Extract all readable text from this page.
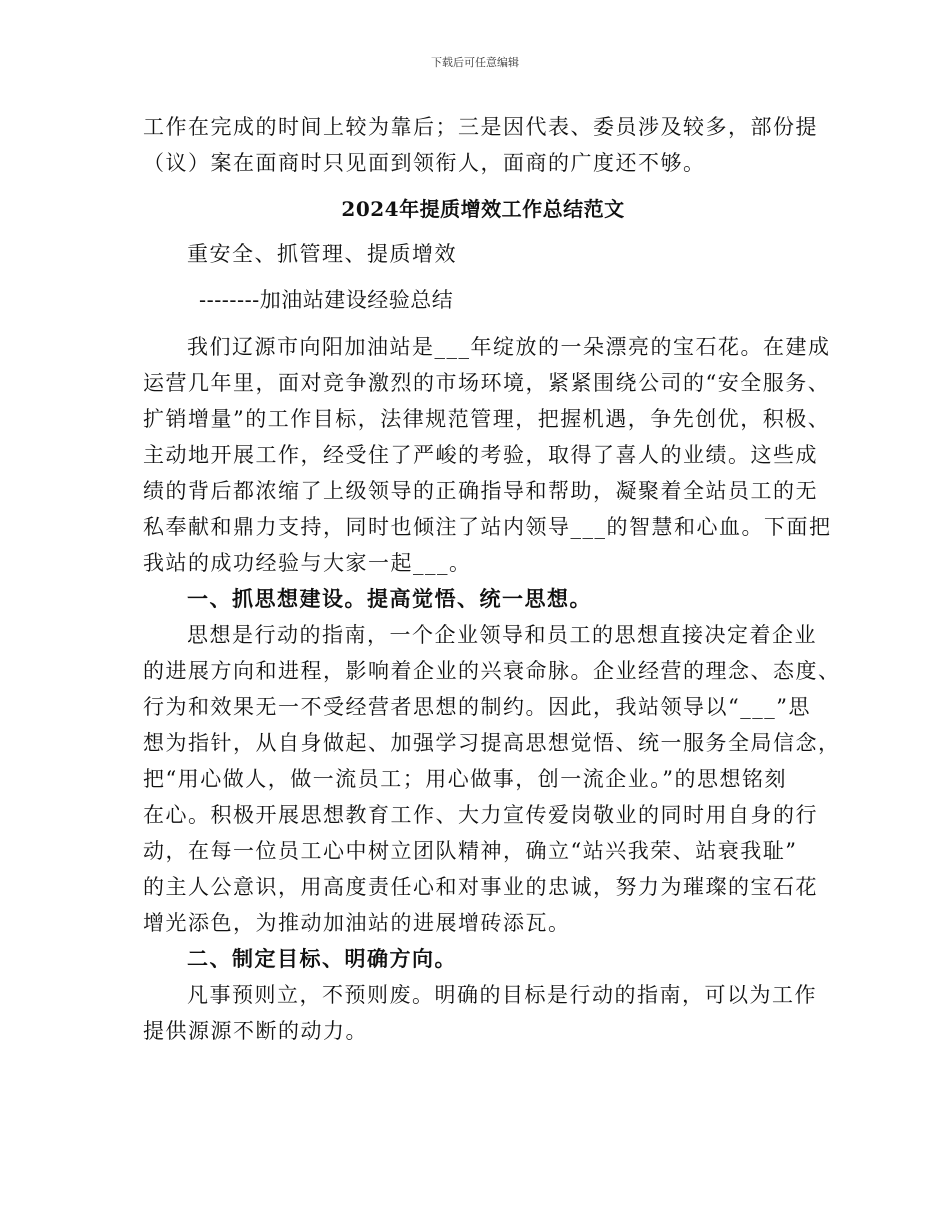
下载后可任意编辑
工作在完成的时间上较为靠后；三是因代表、委员涉及较多，部份提
（议）案在面商时只见面到领衔人，面商的广度还不够。
2024年提质增效工作总结范文
重安全、抓管理、提质增效
--------加油站建设经验总结
我们辽源市向阳加油站是___年绽放的一朵漂亮的宝石花。在建成
运营几年里，面对竞争激烈的市场环境，紧紧围绕公司的“安全服务、
扩销增量”的工作目标，法律规范管理，把握机遇，争先创优，积极、
主动地开展工作，经受住了严峻的考验，取得了喜人的业绩。这些成
绩的背后都浓缩了上级领导的正确指导和帮助，凝聚着全站员工的无
私奉献和鼎力支持，同时也倾注了站内领导___的智慧和心血。下面把
我站的成功经验与大家一起___。
一、抓思想建设。提高觉悟、统一思想。
思想是行动的指南，一个企业领导和员工的思想直接决定着企业
的进展方向和进程，影响着企业的兴衰命脉。企业经营的理念、态度、
行为和效果无一不受经营者思想的制约。因此，我站领导以“___”思
想为指针，从自身做起、加强学习提高思想觉悟、统一服务全局信念，
把“用心做人，做一流员工；用心做事，创一流企业。”的思想铭刻
在心。积极开展思想教育工作、大力宣传爱岗敬业的同时用自身的行
动，在每一位员工心中树立团队精神，确立“站兴我荣、站衰我耻”
的主人公意识，用高度责任心和对事业的忠诚，努力为璀璨的宝石花
增光添色，为推动加油站的进展增砖添瓦。
二、制定目标、明确方向。
凡事预则立，不预则废。明确的目标是行动的指南，可以为工作
提供源源不断的动力。
